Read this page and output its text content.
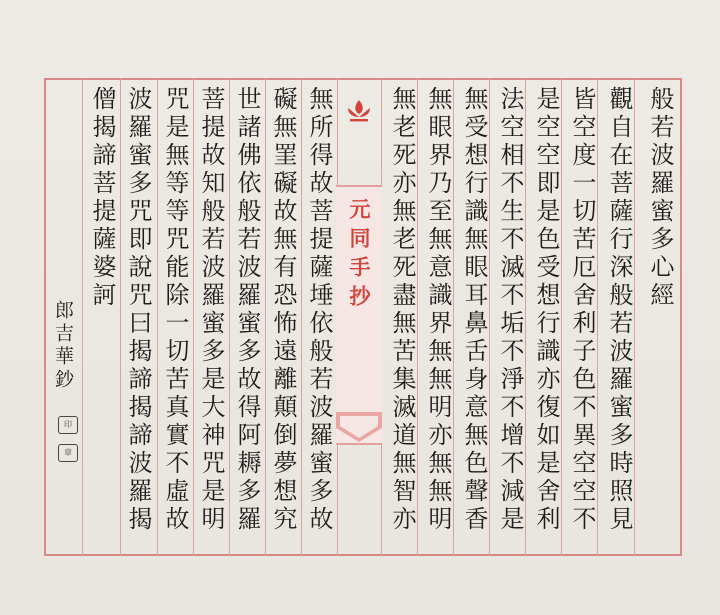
般若波羅蜜多心經
觀自在菩薩行深般若波羅蜜多時照見
皆空度一切苦厄舍利子色不異空空不
是空空即是色受想行識亦復如是舍利
法空相不生不滅不垢不淨不增不減是
無受想行識無眼耳鼻舌身意無色聲香
無眼界乃至無意識界無無明亦無無明
無老死亦無老死盡無苦集滅道無智亦
無所得故菩提薩埵依般若波羅蜜多故
礙無罣礙故無有恐怖遠離顛倒夢想究
世諸佛依般若波羅蜜多故得阿耨多羅
菩提故知般若波羅蜜多是大神咒是明
咒是無等等咒能除一切苦真實不虛故
波羅蜜多咒即說咒曰揭諦揭諦波羅揭
僧揭諦菩提薩婆訶	元同手抄
郎吉華鈔
印
章
